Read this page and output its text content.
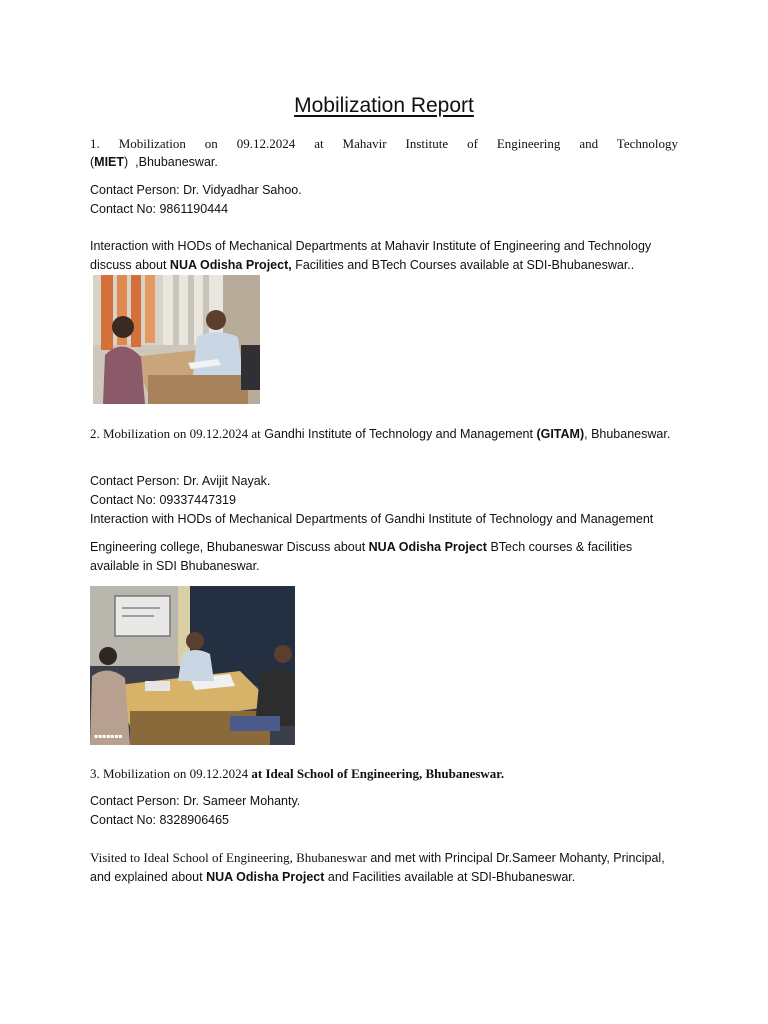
Mobilization Report
1. Mobilization on 09.12.2024 at Mahavir Institute of Engineering and Technology
(MIET)  ,Bhubaneswar.
Contact Person: Dr. Vidyadhar Sahoo.
Contact No: 9861190444
Interaction with HODs of Mechanical Departments at Mahavir Institute of Engineering and Technology discuss about NUA Odisha Project, Facilities and BTech Courses available at SDI-Bhubaneswar..
2. Mobilization on 09.12.2024 at Gandhi Institute of Technology and Management (GITAM), Bhubaneswar.
Contact Person: Dr. Avijit Nayak.
Contact No: 09337447319
Interaction with HODs of Mechanical Departments of Gandhi Institute of Technology and Management
Engineering college, Bhubaneswar Discuss about NUA Odisha Project BTech courses & facilities available in SDI Bhubaneswar.
▪▪▪▪▪▪▪
3. Mobilization on 09.12.2024 at Ideal School of Engineering, Bhubaneswar.
Contact Person: Dr. Sameer Mohanty.
Contact No: 8328906465
Visited to Ideal School of Engineering, Bhubaneswar and met with Principal Dr.Sameer Mohanty, Principal, and explained about NUA Odisha Project and Facilities available at SDI-Bhubaneswar.
